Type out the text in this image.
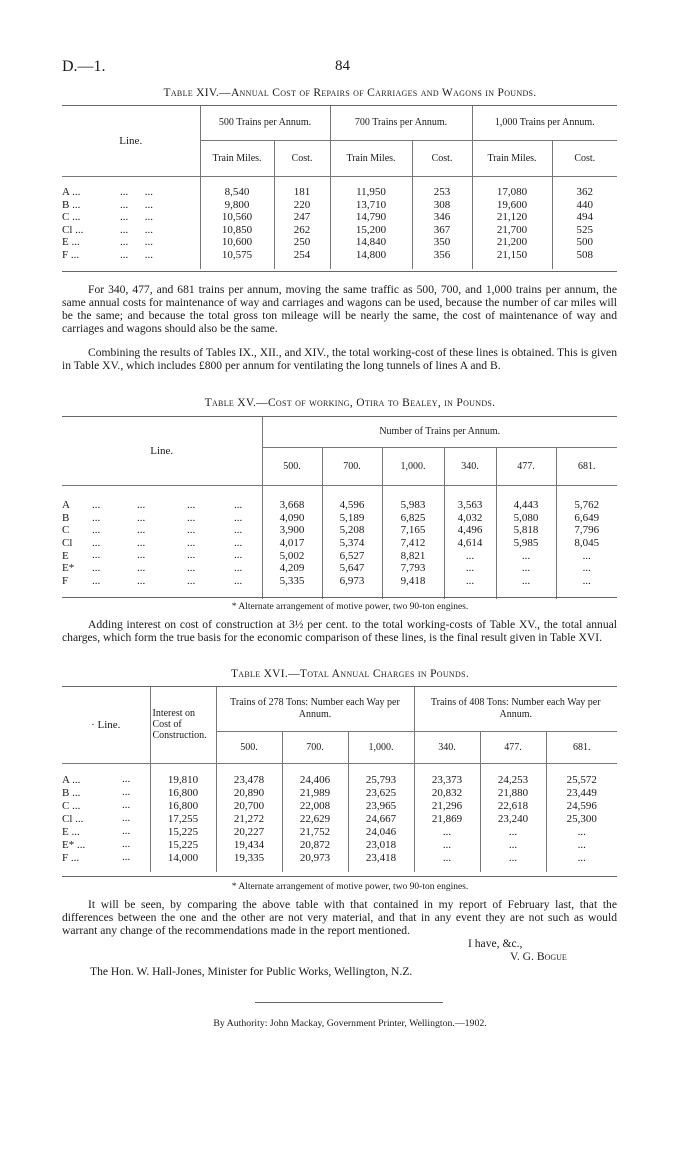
D.—1.	84
Table XIV.—Annual Cost of Repairs of Carriages and Wagons in Pounds.
Line.	500 Trains per Annum.		700 Trains per Annum.		1,000 Trains per Annum.	
	Train Miles.	Cost.	Train Miles.	Cost.	Train Miles.	Cost.

A ... ...      ...	8,540	181	11,950	253	17,080	362
B ... ...      ...	9,800	220	13,710	308	19,600	440
C ... ...      ...	10,560	247	14,790	346	21,120	494
Cl ... ...      ...	10,850	262	15,200	367	21,700	525
E ... ...      ...	10,600	250	14,840	350	21,200	500
F ... ...      ...	10,575	254	14,800	356	21,150	508

For 340, 477, and 681 trains per annum, moving the same traffic as 500, 700, and 1,000 trains per annum, the same annual costs for maintenance of way and carriages and wagons can be used, because the number of car miles will be the same; and because the total gross ton mileage will be nearly the same, the cost of maintenance of way and carriages and wagons should also be the same.
Combining the results of Tables IX., XII., and XIV., the total working-cost of these lines is obtained. This is given in Table XV., which includes £800 per annum for ventilating the long tunnels of lines A and B.
Table XV.—Cost of working, Otira to Bealey, in Pounds.
Line.	Number of Trains per Annum.					
	500.	700.	1,000.	340.	477.	681.

A ... ... ... ...	3,668	4,596	5,983	3,563	4,443	5,762
B ... ... ... ...	4,090	5,189	6,825	4,032	5,080	6,649
C ... ... ... ...	3,900	5,208	7,165	4,496	5,818	7,796
Cl ... ... ... ...	4,017	5,374	7,412	4,614	5,985	8,045
E ... ... ... ...	5,002	6,527	8,821	...	...	...
E* ... ... ... ...	4,209	5,647	7,793	...	...	...
F ... ... ... ...	5,335	6,973	9,418	...	...	...

* Alternate arrangement of motive power, two 90-ton engines.
Adding interest on cost of construction at 3½ per cent. to the total working-costs of Table XV., the total annual charges, which form the true basis for the economic comparison of these lines, is the final result given in Table XVI.
Table XVI.—Total Annual Charges in Pounds.
· Line.	Interest on Cost of Construction.	Trains of 278 Tons: Number each Way per Annum.			Trains of 408 Tons: Number each Way per Annum.		
		500.	700.	1,000.	340.	477.	681.

A ... ...	19,810	23,478	24,406	25,793	23,373	24,253	25,572
B ... ...	16,800	20,890	21,989	23,625	20,832	21,880	23,449
C ... ...	16,800	20,700	22,008	23,965	21,296	22,618	24,596
Cl ... ...	17,255	21,272	22,629	24,667	21,869	23,240	25,300
E ... ...	15,225	20,227	21,752	24,046	...	...	...
E* ... ...	15,225	19,434	20,872	23,018	...	...	...
F ... ...	14,000	19,335	20,973	23,418	...	...	...

* Alternate arrangement of motive power, two 90-ton engines.
It will be seen, by comparing the above table with that contained in my report of February last, that the differences between the one and the other are not very material, and that in any event they are not such as would warrant any change of the recommendations made in the report mentioned.
I have, &c.,
V. G. Bogue
The Hon. W. Hall-Jones, Minister for Public Works, Wellington, N.Z.
By Authority: John Mackay, Government Printer, Wellington.—1902.
